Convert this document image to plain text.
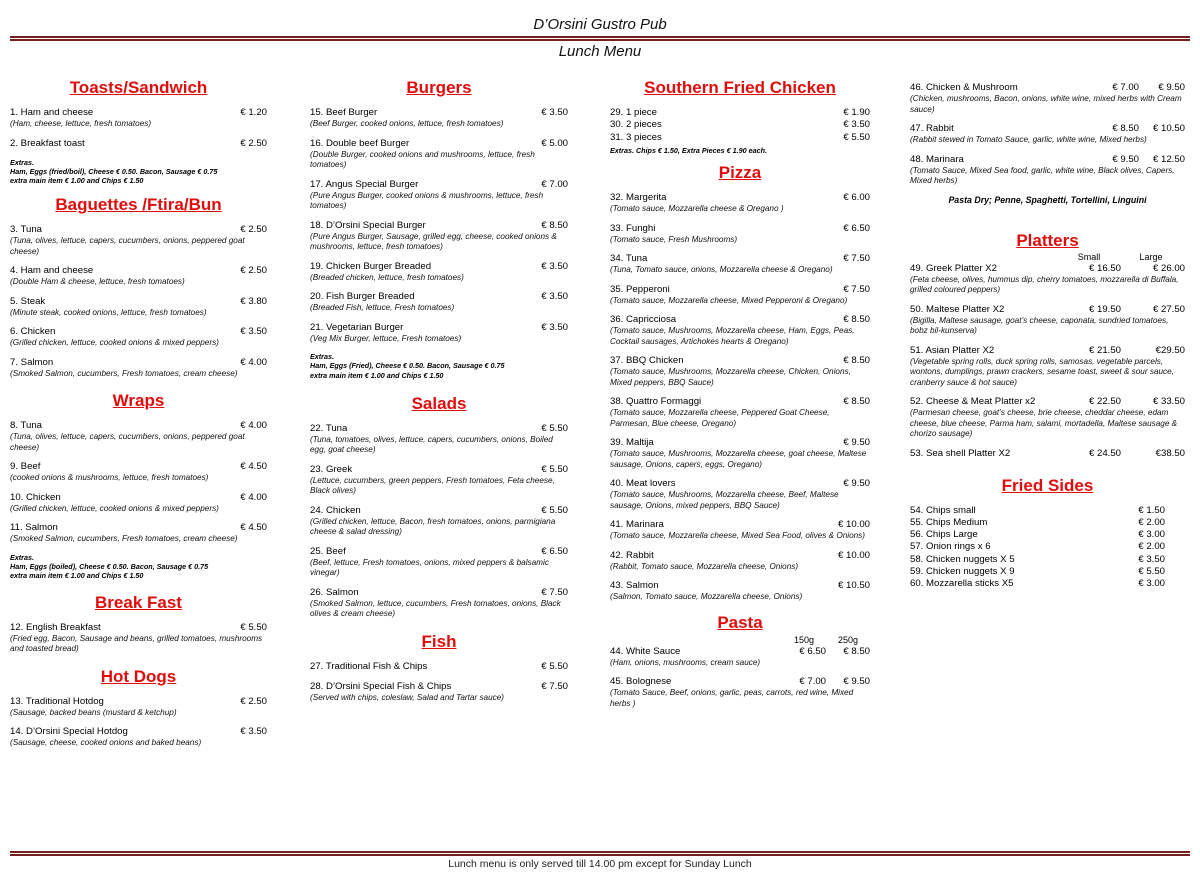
D’Orsini Gustro Pub
Lunch Menu
Toasts/Sandwich
1. Ham and cheese	€ 1.20
(Ham, cheese, lettuce, fresh tomatoes)
2. Breakfast toast	€ 2.50
Extras.
Ham, Eggs (fried/boil), Cheese € 0.50. Bacon, Sausage € 0.75
extra main item € 1.00 and Chips € 1.50
Baguettes /Ftira/Bun
3. Tuna	€ 2.50
(Tuna, olives, lettuce, capers, cucumbers, onions, peppered goat cheese)
4. Ham and cheese	€ 2.50
(Double Ham & cheese, lettuce, fresh tomatoes)
5. Steak	€ 3.80
(Minute steak, cooked onions, lettuce, fresh tomatoes)
6. Chicken	€ 3.50
(Grilled chicken, lettuce, cooked onions & mixed peppers)
7. Salmon	€ 4.00
(Smoked Salmon, cucumbers, Fresh tomatoes, cream cheese)
Wraps
8. Tuna	€ 4.00
(Tuna, olives, lettuce, capers, cucumbers, onions, peppered goat cheese)
9. Beef	€ 4.50
(cooked onions & mushrooms, lettuce, fresh tomatoes)
10. Chicken	€ 4.00
(Grilled chicken, lettuce, cooked onions & mixed peppers)
11. Salmon	€ 4.50
(Smoked Salmon, cucumbers, Fresh tomatoes, cream cheese)
Extras.
Ham, Eggs (boiled), Cheese € 0.50. Bacon, Sausage € 0.75
extra main item € 1.00 and Chips € 1.50
Break Fast
12. English Breakfast	€ 5.50
(Fried egg, Bacon, Sausage and beans, grilled tomatoes, mushrooms and toasted bread)
Hot Dogs
13. Traditional Hotdog	€ 2.50
(Sausage, backed beans (mustard & ketchup)
14. D’Orsini Special Hotdog	€ 3.50
(Sausage, cheese, cooked onions and baked beans)
Burgers
15. Beef Burger	€ 3.50
(Beef Burger, cooked onions, lettuce, fresh tomatoes)
16. Double beef Burger	€ 5.00
(Double Burger, cooked onions and mushrooms, lettuce, fresh tomatoes)
17. Angus Special Burger	€ 7.00
(Pure Angus Burger, cooked onions & mushrooms, lettuce, fresh tomatoes)
18. D’Orsini Special Burger	€ 8.50
(Pure Angus Burger, Sausage, grilled egg, cheese, cooked onions & mushrooms, lettuce, fresh tomatoes)
19. Chicken Burger Breaded	€ 3.50
(Breaded chicken, lettuce, fresh tomatoes)
20. Fish Burger Breaded	€ 3.50
(Breaded Fish, lettuce, Fresh tomatoes)
21. Vegetarian Burger	€ 3.50
(Veg Mix Burger, lettuce, Fresh tomatoes)
Extras.
Ham, Eggs (Fried), Cheese € 0.50. Bacon, Sausage € 0.75
extra main item € 1.00 and Chips € 1.50
Salads
22. Tuna	€ 5.50
(Tuna, tomatoes, olives, lettuce, capers, cucumbers, onions, Boiled egg, goat cheese)
23. Greek	€ 5.50
(Lettuce, cucumbers, green peppers, Fresh tomatoes, Feta cheese, Black olives)
24. Chicken	€ 5.50
(Grilled chicken, lettuce, Bacon, fresh tomatoes, onions, parmigiana cheese & salad dressing)
25. Beef	€ 6.50
(Beef, lettuce, Fresh tomatoes, onions, mixed peppers & balsamic vinegar)
26. Salmon	€ 7.50
(Smoked Salmon, lettuce, cucumbers, Fresh tomatoes, onions, Black olives & cream cheese)
Fish
27. Traditional Fish & Chips	€ 5.50
28. D’Orsini Special Fish & Chips	€ 7.50
(Served with chips, coleslaw, Salad and Tartar sauce)
Southern Fried Chicken
29. 1 piece	€ 1.90
30. 2 pieces	€ 3.50
31. 3 pieces	€ 5.50
Extras. Chips € 1.50, Extra Pieces € 1.90 each.
Pizza
32. Margerita	€ 6.00
(Tomato sauce, Mozzarella cheese & Oregano )
33. Funghi	€ 6.50
(Tomato sauce, Fresh Mushrooms)
34. Tuna	€ 7.50
(Tuna, Tomato sauce, onions, Mozzarella cheese & Oregano)
35. Pepperoni	€ 7.50
(Tomato sauce, Mozzarella cheese, Mixed Pepperoni & Oregano)
36. Capricciosa	€ 8.50
(Tomato sauce, Mushrooms, Mozzarella cheese, Ham, Eggs, Peas, Cocktail sausages, Artichokes hearts & Oregano)
37. BBQ Chicken	€ 8.50
(Tomato sauce, Mushrooms, Mozzarella cheese, Chicken, Onions, Mixed peppers, BBQ Sauce)
38. Quattro Formaggi	€ 8.50
(Tomato sauce, Mozzarella cheese, Peppered Goat Cheese, Parmesan, Blue cheese, Oregano)
39. Maltija	€ 9.50
(Tomato sauce, Mushrooms, Mozzarella cheese, goat cheese, Maltese sausage, Onions, capers, eggs, Oregano)
40. Meat lovers	€ 9.50
(Tomato sauce, Mushrooms, Mozzarella cheese, Beef, Maltese sausage, Onions, mixed peppers, BBQ Sauce)
41. Marinara	€ 10.00
(Tomato sauce, Mozzarella cheese, Mixed Sea Food, olives & Onions)
42. Rabbit	€ 10.00
(Rabbit, Tomato sauce, Mozzarella cheese, Onions)
43. Salmon	€ 10.50
(Salmon, Tomato sauce, Mozzarella cheese, Onions)
Pasta
150g	250g
44. White Sauce	€ 6.50	€ 8.50
(Ham, onions, mushrooms, cream sauce)
45. Bolognese	€ 7.00	€ 9.50
(Tomato Sauce, Beef, onions, garlic, peas, carrots, red wine, Mixed herbs )
46. Chicken & Mushroom	€ 7.00	€ 9.50
(Chicken, mushrooms, Bacon, onions, white wine, mixed herbs with Cream sauce)
47. Rabbit	€ 8.50	€ 10.50
(Rabbit stewed in Tomato Sauce, garlic, white wine, Mixed herbs)
48. Marinara	€ 9.50	€ 12.50
(Tomato Sauce, Mixed Sea food, garlic, white wine, Black olives, Capers, Mixed herbs)
Pasta Dry; Penne, Spaghetti, Tortellini, Linguini
Platters
Small	Large
49. Greek Platter X2	€ 16.50	€ 26.00
(Feta cheese, olives, hummus dip, cherry tomatoes, mozzarella di Buffala, grilled coloured peppers)
50. Maltese Platter X2	€ 19.50	€ 27.50
(Bigilla, Maltese sausage, goat’s cheese, caponata, sundried tomatoes, bobz bil-kunserva)
51. Asian Platter X2	€ 21.50	€29.50
(Vegetable spring rolls, duck spring rolls, samosas, vegetable parcels, wontons, dumplings, prawn crackers, sesame toast, sweet & sour sauce, cranberry sauce & hot sauce)
52. Cheese & Meat Platter x2	€ 22.50	€ 33.50
(Parmesan cheese, goat’s cheese, brie cheese, cheddar cheese, edam cheese, blue cheese, Parma ham, salami, mortadella, Maltese sausage & chorizo sausage)
53. Sea shell Platter X2	€ 24.50	€38.50
Fried Sides
54. Chips small	€ 1.50
55. Chips Medium	€ 2.00
56. Chips Large	€ 3.00
57. Onion rings x 6	€ 2.00
58. Chicken nuggets X 5	€ 3.50
59. Chicken nuggets X 9	€ 5.50
60. Mozzarella sticks X5	€ 3.00
Lunch menu is only served till 14.00 pm except for Sunday Lunch
